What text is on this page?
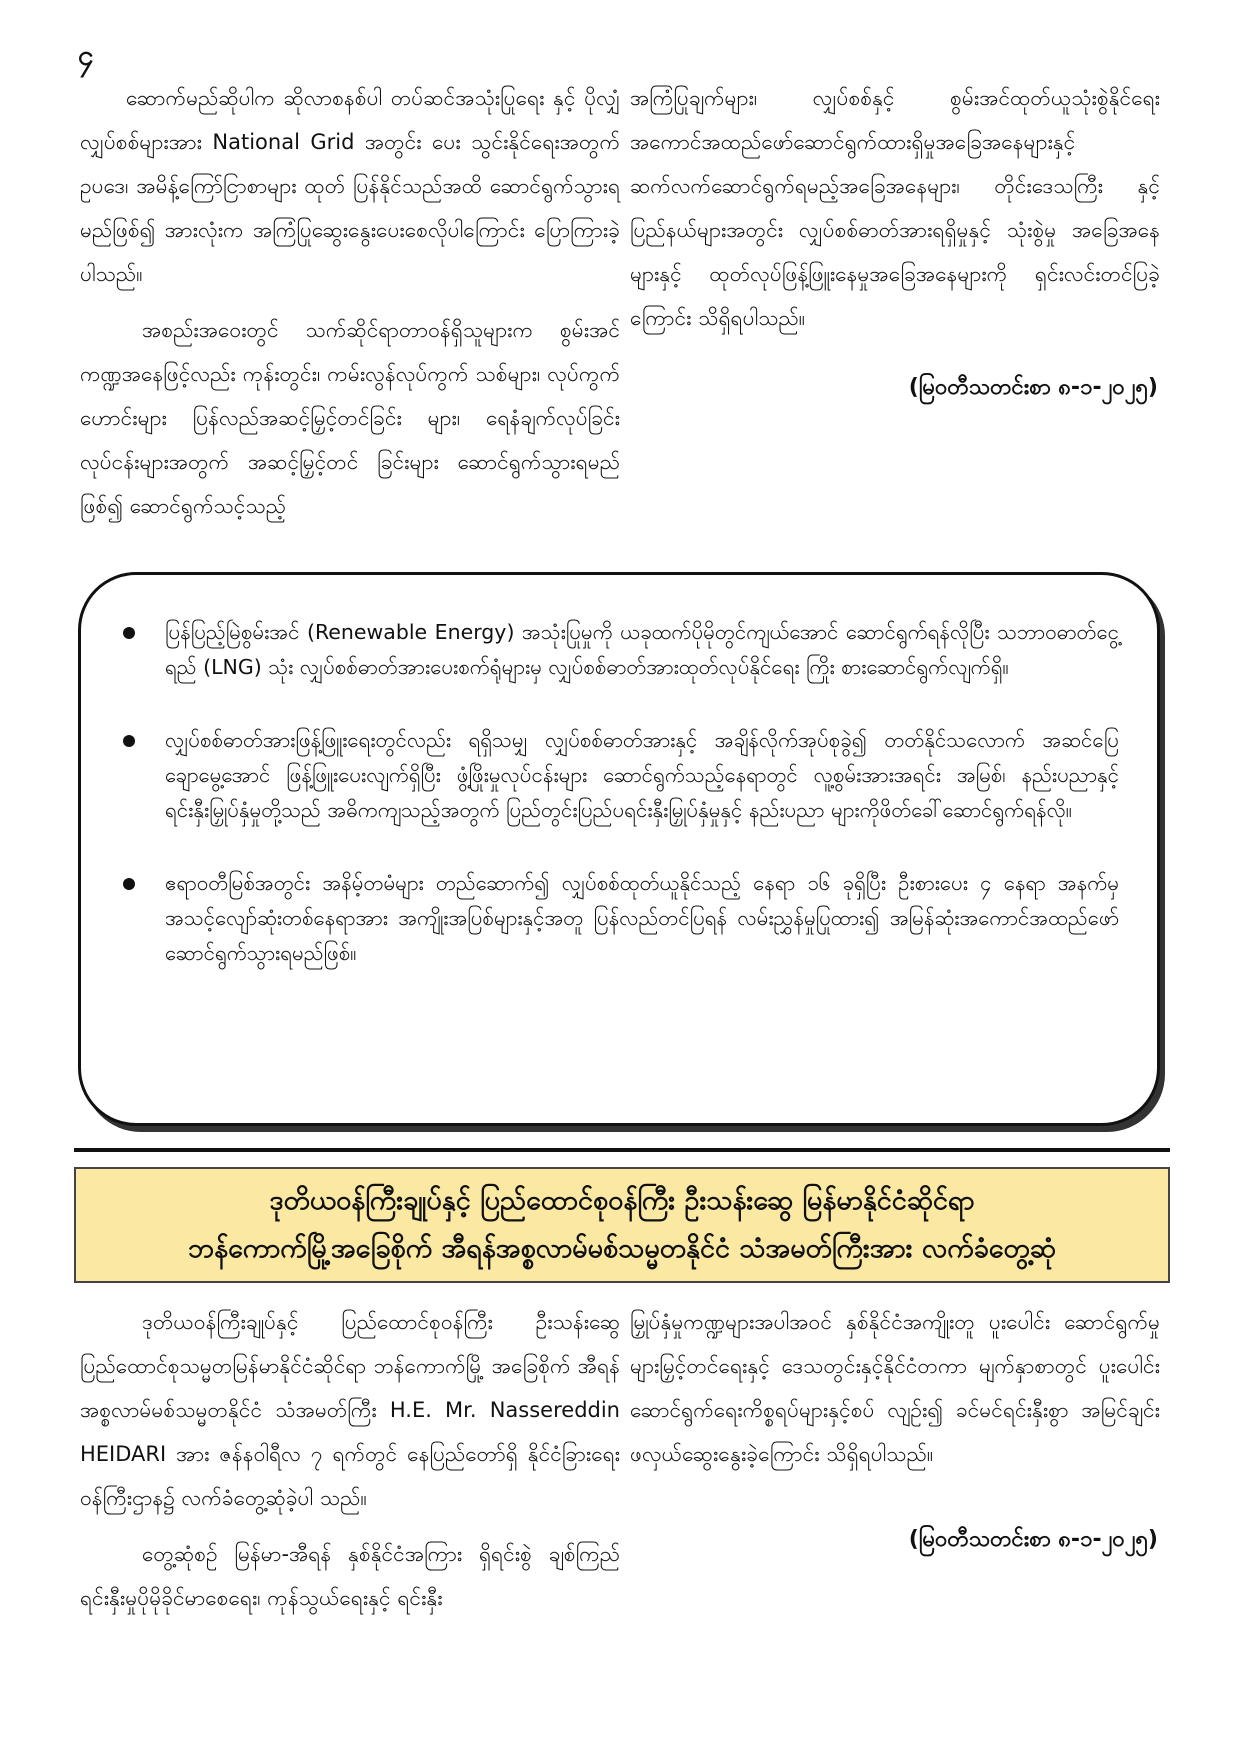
၄

ဆောက်မည်ဆိုပါက ဆိုလာစနစ်ပါ တပ်ဆင်အသုံးပြုရေး နှင့် ပိုလျှံလျှပ်စစ်များအား National Grid အတွင်း ပေး သွင်းနိုင်ရေးအတွက် ဥပဒေ၊ အမိန့်ကြော်ငြာစာများ ထုတ် ပြန်နိုင်သည်အထိ ဆောင်ရွက်သွားရမည်ဖြစ်၍ အားလုံးက အကြံပြုဆွေးနွေးပေးစေလိုပါကြောင်း ပြောကြားခဲ့ပါသည်။

အစည်းအဝေးတွင် သက်ဆိုင်ရာတာဝန်ရှိသူများက စွမ်းအင်ကဏ္ဍအနေဖြင့်လည်း ကုန်းတွင်း၊ ကမ်းလွန်လုပ်ကွက် သစ်များ၊ လုပ်ကွက်ဟောင်းများ ပြန်လည်အဆင့်မြှင့်တင်ခြင်း များ၊ ရေနံချက်လုပ်ခြင်းလုပ်ငန်းများအတွက် အဆင့်မြှင့်တင် ခြင်းများ ဆောင်ရွက်သွားရမည်ဖြစ်၍ ဆောင်ရွက်သင့်သည့်

အကြံပြုချက်များ၊ လျှပ်စစ်နှင့် စွမ်းအင်ထုတ်ယူသုံးစွဲနိုင်ရေး အကောင်အထည်ဖော်ဆောင်ရွက်ထားရှိမှုအခြေအနေများနှင့် ဆက်လက်ဆောင်ရွက်ရမည့်အခြေအနေများ၊ တိုင်းဒေသကြီး နှင့် ပြည်နယ်များအတွင်း လျှပ်စစ်ဓာတ်အားရရှိမှုနှင့် သုံးစွဲမှု အခြေအနေများနှင့် ထုတ်လုပ်ဖြန့်ဖြူးနေမှုအခြေအနေများကို ရှင်းလင်းတင်ပြခဲ့ကြောင်း သိရှိရပါသည်။

(မြဝတီသတင်းစာ ၈-၁-၂၀၂၅)
ပြန်ပြည့်မြဲစွမ်းအင် (Renewable Energy) အသုံးပြုမှုကို ယခုထက်ပိုမိုတွင်ကျယ်အောင် ဆောင်ရွက်ရန်လိုပြီး သဘာဝဓာတ်ငွေ့ရည် (LNG) သုံး လျှပ်စစ်ဓာတ်အားပေးစက်ရုံများမှ လျှပ်စစ်ဓာတ်အားထုတ်လုပ်နိုင်ရေး ကြိုး စားဆောင်ရွက်လျက်ရှိ။
လျှပ်စစ်ဓာတ်အားဖြန့်ဖြူးရေးတွင်လည်း ရရှိသမျှ လျှပ်စစ်ဓာတ်အားနှင့် အချိန်လိုက်အုပ်စုခွဲ၍ တတ်နိုင်သလောက် အဆင်ပြေချောမွေ့အောင် ဖြန့်ဖြူးပေးလျက်ရှိပြီး ဖွံ့ဖြိုးမှုလုပ်ငန်းများ ဆောင်ရွက်သည့်နေရာတွင် လူ့စွမ်းအားအရင်း အမြစ်၊ နည်းပညာနှင့် ရင်းနှီးမြှုပ်နှံမှုတို့သည် အဓိကကျသည့်အတွက် ပြည်တွင်းပြည်ပရင်းနှီးမြှုပ်နှံမှုနှင့် နည်းပညာ များကိုဖိတ်ခေါ်ဆောင်ရွက်ရန်လို။
ဧရာဝတီမြစ်အတွင်း အနိမ့်တမံများ တည်ဆောက်၍ လျှပ်စစ်ထုတ်ယူနိုင်သည့် နေရာ ၁၆ ခုရှိပြီး ဦးစားပေး ၄ နေရာ အနက်မှ အသင့်လျော်ဆုံးတစ်နေရာအား အကျိုးအပြစ်များနှင့်အတူ ပြန်လည်တင်ပြရန် လမ်းညွှန်မှုပြုထား၍ အမြန်ဆုံးအကောင်အထည်ဖော်ဆောင်ရွက်သွားရမည်ဖြစ်။
ဒုတိယဝန်ကြီးချုပ်နှင့် ပြည်ထောင်စုဝန်ကြီး ဦးသန်းဆွေ မြန်မာနိုင်ငံဆိုင်ရာ
ဘန်ကောက်မြို့အခြေစိုက် အီရန်အစ္စလာမ်မစ်သမ္မတနိုင်ငံ သံအမတ်ကြီးအား လက်ခံတွေ့ဆုံ

ဒုတိယဝန်ကြီးချုပ်နှင့် ပြည်ထောင်စုဝန်ကြီး ဦးသန်းဆွေ ပြည်ထောင်စုသမ္မတမြန်မာနိုင်ငံဆိုင်ရာ ဘန်ကောက်မြို့ အခြေစိုက် အီရန်အစ္စလာမ်မစ်သမ္မတနိုင်ငံ သံအမတ်ကြီး H.E. Mr. Nassereddin HEIDARI အား ဇန်နဝါရီလ ၇ ရက်တွင် နေပြည်တော်ရှိ နိုင်ငံခြားရေးဝန်ကြီးဌာန၌ လက်ခံတွေ့ဆုံခဲ့ပါ သည်။

တွေ့ဆုံစဉ် မြန်မာ-အီရန် နှစ်နိုင်ငံအကြား ရှိရင်းစွဲ ချစ်ကြည်ရင်းနှီးမှုပိုမိုခိုင်မာစေရေး၊ ကုန်သွယ်ရေးနှင့် ရင်းနှီး

မြှုပ်နှံမှုကဏ္ဍများအပါအဝင် နှစ်နိုင်ငံအကျိုးတူ ပူးပေါင်း ဆောင်ရွက်မှုများမြှင့်တင်ရေးနှင့် ဒေသတွင်းနှင့်နိုင်ငံတကာ မျက်နှာစာတွင် ပူးပေါင်းဆောင်ရွက်ရေးကိစ္စရပ်များနှင့်စပ် လျဉ်း၍ ခင်မင်ရင်းနှီးစွာ အမြင်ချင်းဖလှယ်ဆွေးနွေးခဲ့ကြောင်း သိရှိရပါသည်။

(မြဝတီသတင်းစာ ၈-၁-၂၀၂၅)
